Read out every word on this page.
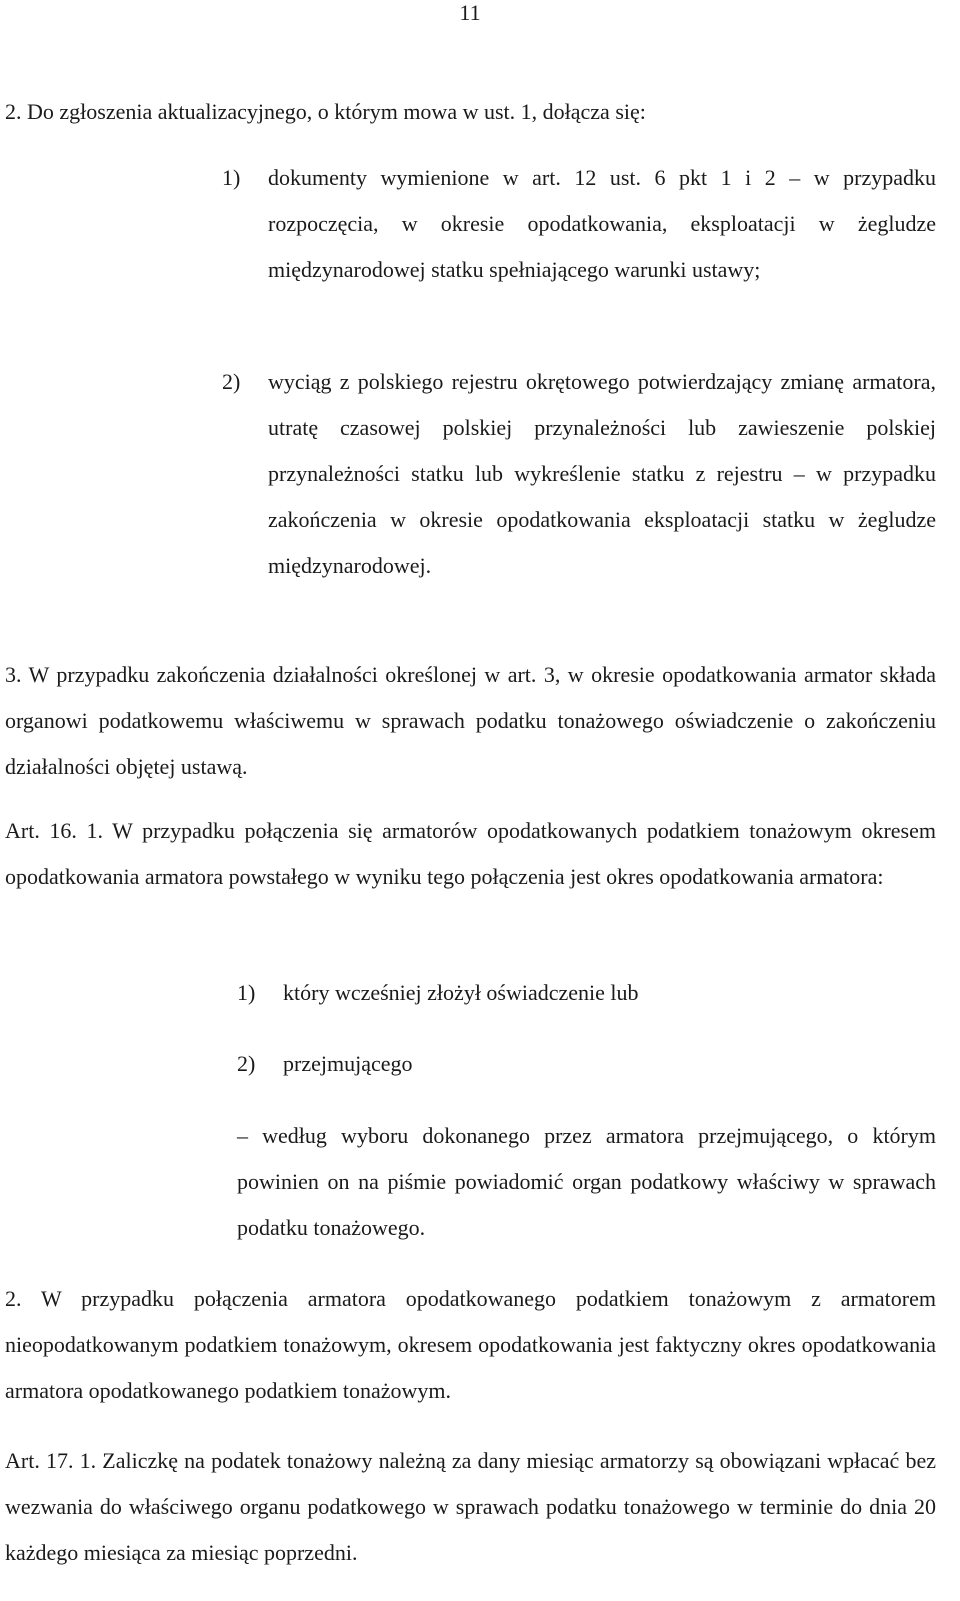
11
2. Do zgłoszenia aktualizacyjnego, o którym mowa w ust. 1, dołącza się:
1)	dokumenty wymienione w art. 12 ust. 6 pkt 1 i 2 – w przypadku rozpoczęcia, w okresie opodatkowania, eksploatacji w żegludze międzynarodowej statku spełniającego warunki ustawy;
2)	wyciąg z polskiego rejestru okrętowego potwierdzający zmianę armatora, utratę czasowej polskiej przynależności lub zawieszenie polskiej przynależności statku lub wykreślenie statku z rejestru – w przypadku zakończenia w okresie opodatkowania eksploatacji statku w żegludze międzynarodowej.
3. W przypadku zakończenia działalności określonej w art. 3, w okresie opodatkowania armator składa organowi podatkowemu właściwemu w sprawach podatku tonażowego oświadczenie o zakończeniu działalności objętej ustawą.
Art. 16. 1. W przypadku połączenia się armatorów opodatkowanych podatkiem tonażowym okresem opodatkowania armatora powstałego w wyniku tego połączenia jest okres opodatkowania armatora:
1)	który wcześniej złożył oświadczenie lub
2)	przejmującego
– według wyboru dokonanego przez armatora przejmującego, o którym powinien on na piśmie powiadomić organ podatkowy właściwy w sprawach podatku tonażowego.
2. W przypadku połączenia armatora opodatkowanego podatkiem tonażowym z armatorem nieopodatkowanym podatkiem tonażowym, okresem opodatkowania jest faktyczny okres opodatkowania armatora opodatkowanego podatkiem tonażowym.
Art. 17. 1. Zaliczkę na podatek tonażowy należną za dany miesiąc armatorzy są obowiązani wpłacać bez wezwania do właściwego organu podatkowego w sprawach podatku tonażowego w terminie do dnia 20 każdego miesiąca za miesiąc poprzedni.
